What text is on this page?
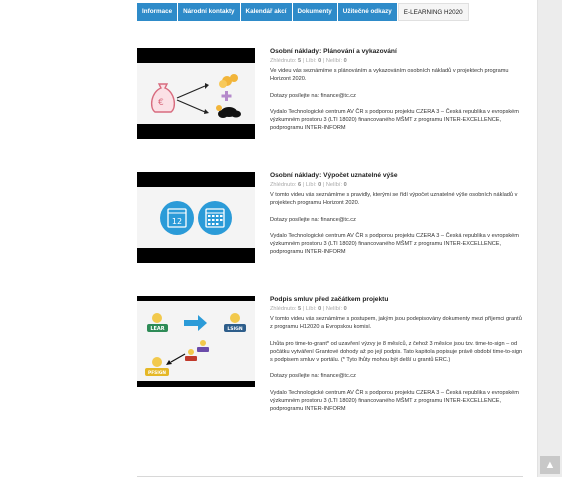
Informace	Národní kontakty	Kalendář akcí	Dokumenty	Užitečné odkazy	E-LEARNING H2020
€
Osobní náklady: Plánování a vykazování
Zhlédnuto: 5 | Líbí: 0 | Nelíbí: 0

Ve videu vás seznámíme s plánováním a vykazováním osobních nákladů v projektech programu Horizont 2020.

Dotazy posílejte na: finance@tc.cz

Vydalo Technologické centrum AV ČR s podporou projektu CZERA 3 – Česká republika v evropském výzkumném prostoru 3 (LTI 18020) financovaného MŠMT z programu INTER-EXCELLENCE, podprogramu INTER-INFORM

12
Osobní náklady: Výpočet uznatelné výše
Zhlédnuto: 6 | Líbí: 0 | Nelíbí: 0

V tomto videu vás seznámíme s pravidly, kterými se řídí výpočet uznatelné výše osobních nákladů v projektech programu Horizont 2020.

Dotazy posílejte na: finance@tc.cz

Vydalo Technologické centrum AV ČR s podporou projektu CZERA 3 – Česká republika v evropském výzkumném prostoru 3 (LTI 18020) financovaného MŠMT z programu INTER-EXCELLENCE, podprogramu INTER-INFORM

LEAR	LSIGN
PFSIGN
Podpis smluv před začátkem projektu
Zhlédnuto: 5 | Líbí: 0 | Nelíbí: 0

V tomto videu vás seznámíme s postupem, jakým jsou podepisovány dokumenty mezi příjemci grantů z programu H12020 a Evropskou komisí.

Lhůta pro time-to-grant* od uzavření výzvy je 8 měsíců, z čehož 3 měsíce jsou tzv. time-to-sign – od počátku vytváření Grantové dohody až po její podpis. Tato kapitola popisuje právě období time-to-sign s podpisem smluv v portálu. (* Tyto lhůty mohou být delší u grantů ERC.)

Dotazy posílejte na: finance@tc.cz

Vydalo Technologické centrum AV ČR s podporou projektu CZERA 3 – Česká republika v evropském výzkumném prostoru 3 (LTI 18020) financovaného MŠMT z programu INTER-EXCELLENCE, podprogramu INTER-INFORM

▲
